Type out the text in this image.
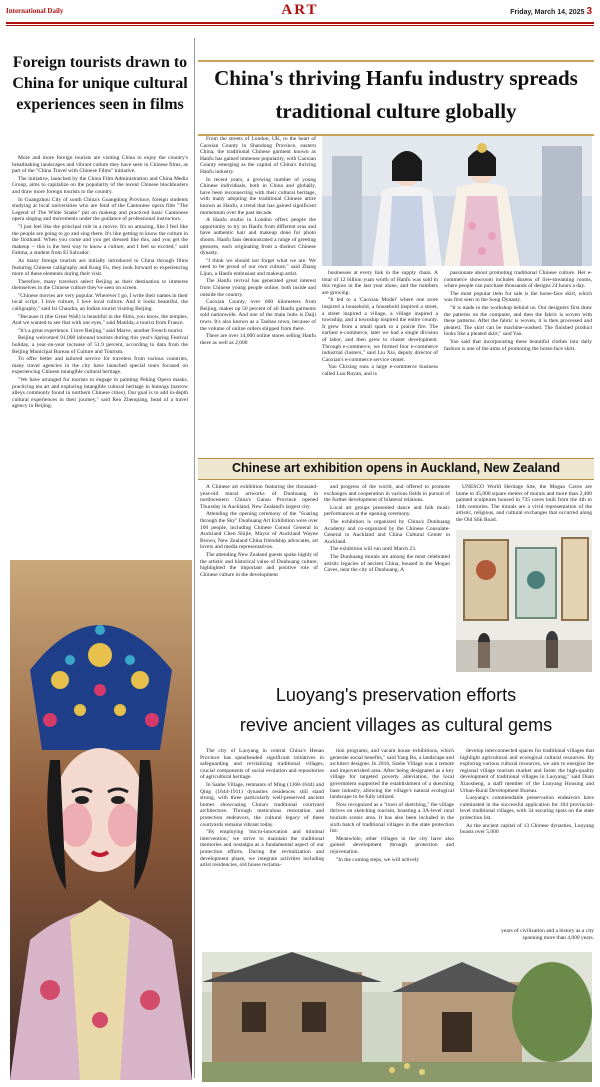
International Daily	ART	Friday, March 14, 2025 3
Foreign tourists drawn to China for unique cultural experiences seen in films

More and more foreign tourists are visiting China to enjoy the country's breathtaking landscapes and vibrant culture they have seen in Chinese films, as part of the "China Travel with Chinese Films" initiative.

The initiative, launched by the China Film Administration and China Media Group, aims to capitalize on the popularity of the recent Chinese blockbusters and draw more foreign tourists to the country.

In Guangzhou City of south China's Guangdong Province, foreign students studying at local universities who are fond of the Cantonese opera film "The Legend of The White Snake" put on makeup and practiced basic Cantonese opera singing and movements under the guidance of professional instructors.

"I just feel like the principal role in a movie. It's so amazing, like I feel like the people are going to go and sing there. It's like getting to know the culture in the firsthand. When you come and you get dressed like this, and you get the makeup -- this is the best way to know a culture, and I feel so excited," said Fatima, a student from El Salvador.

As many foreign tourists are initially introduced to China through films featuring Chinese calligraphy and Kung Fu, they look forward to experiencing more of these elements during their visit.

Therefore, many travelers select Beijing as their destination to immerse themselves in the Chinese culture they've seen on screen.

"Chinese movies are very popular. Wherever I go, I write their names in their local script. I love culture, I love local culture. And it looks beautiful, the calligraphy," said Isi Chandra, an Indian tourist visiting Beijing.

"Because it (the Great Wall) is beautiful in the films, you know, the temples. And we wanted to see that with our eyes," said Matilda, a tourist from France.

"It's a great experience. I love Beijing," said Marve, another French tourist.

Beijing welcomed 91,000 inbound tourists during this year's Spring Festival holiday, a year-on-year increase of 51.9 percent, according to data from the Beijing Municipal Bureau of Culture and Tourism.

To offer better and tailored service for travelers from various countries, many travel agencies in the city have launched special tours focused on experiencing Chinese intangible cultural heritage.

"We have arranged for tourists to engage in painting Peking Opera masks, practicing tea art and exploring intangible cultural heritage in hutongs (narrow alleys commonly found in northern Chinese cities). Our goal is to add in-depth cultural experiences in their journey," said Ren Zhenqiang, head of a travel agency in Beijing.

China's thriving Hanfu industry spreads traditional culture globally

From the streets of London, UK, to the heart of Caoxian County in Shandong Province, eastern China, the traditional Chinese garment known as Hanfu has gained immense popularity, with Caoxian County emerging as the capital of China's thriving Hanfu industry.

In recent years, a growing number of young Chinese individuals, both in China and globally, have been reconnecting with their cultural heritage, with many adopting the traditional Chinese attire known as Hanfu, a trend that has gained significant momentum over the past decade.

A Hanfu studio in London offers people the opportunity to try on Hanfu from different eras and have authentic hair and makeup done for photo shoots. Hanfu fans demonstrated a range of greeting gestures, each originating from a distinct Chinese dynasty.

"I think we should not forget what we are. We need to be proud of our own culture," said Zhang Lijun, a Hanfu enthusiast and makeup artist.

The Hanfu revival has generated great interest from Chinese young people online, both inside and outside the country.

Caoxian County, over 600 kilometers from Beijing, makes up 50 percent of all Hanfu garments sold nationwide. And one of the main hubs is Daiji town. It's also known as a Taobao town, because of the volume of online orders shipped from there.

There are over 14,000 online stores selling Hanfu there as well as 2,000

businesses at every link in the supply chain. A total of 12 billion yuan worth of Hanfu was sold in this region in the last year alone, and the numbers are growing.

"It led to a 'Caoxian Model' where one store inspired a household, a household inspired a street, a street inspired a village, a village inspired a township, and a township inspired the entire county. It grew from a small spark to a prairie fire. The earliest e-commerce, later we had a single division of labor, and then grew to cluster development. Through e-commerce, we formed four e-commerce industrial clusters," said Liu Xia, deputy director of Caoxian's e-commerce service center.

Yao Chixing runs a large e-commerce business called Luo Ruyan, and is

passionate about promoting traditional Chinese culture. Her e-commerce showroom includes dozens of live-streaming rooms, where people can purchase thousands of designs 24 hours a day.

The most popular item for sale is the horse-face skirt, which was first seen in the Song Dynasty.

"It is made in the workshop behind us. Our designers first draw the patterns on the computer, and then the fabric is woven with these patterns. After the fabric is woven, it is then processed and pleated. The skirt can be machine-washed. The finished product looks like a pleated skirt," said Yao.

Yao said that incorporating these beautiful clothes into daily fashion is one of the aims of promoting the horse-face skirt.

Chinese art exhibition opens in Auckland, New Zealand

A Chinese art exhibition featuring the thousand-year-old mural artworks of Dunhuang in northwestern China's Gansu Province opened Thursday in Auckland, New Zealand's largest city.

Attending the opening ceremony of the "Soaring through the Sky" Dunhuang Art Exhibition were over 100 people, including Chinese Consul General in Auckland Chen Shijie, Mayor of Auckland Wayne Brown, New Zealand China friendship advocates, art lovers and media representatives.

The attending New Zealand guests spoke highly of the artistic and historical value of Dunhuang culture, highlighted the important and positive role of Chinese culture in the development

and progress of the world, and offered to promote exchanges and cooperation in various fields in pursuit of the further development of bilateral relations.

Local art groups presented dance and folk music performances at the opening ceremony.

The exhibition is organized by China's Dunhuang Academy and co-organized by the Chinese Consulate-General in Auckland and China Cultural Center in Auckland.

The exhibition will run until March 23.

The Dunhuang murals are among the most celebrated artistic legacies of ancient China, housed in the Mogao Caves, near the city of Dunhuang. A

UNESCO World Heritage Site, the Mogao Caves are home to 45,000 square meters of murals and more than 2,400 painted sculptures housed in 735 caves built from the 4th to 14th centuries. The murals are a vivid representation of the artistic, religious, and cultural exchanges that occurred along the Old Silk Road.

Luoyang's preservation efforts
revive ancient villages as cultural gems

The city of Luoyang in central China's Henan Province has spearheaded significant initiatives in safeguarding and revitalizing traditional villages, crucial components of social evolution and repositories of agricultural heritage.

In Sanhe Village, remnants of Ming (1368-1644) and Qing (1644-1911) dynasties residences still stand strong, with three particularly well-preserved ancient homes showcasing China's traditional courtyard architecture. Through meticulous restoration and protection endeavors, the cultural legacy of these courtyards remains vibrant today.

"By employing 'micro-innovation and minimal intervention,' we strive to maintain the traditional memories and nostalgia as a fundamental aspect of our protection efforts. During the revitalization and development phase, we integrate activities including artist residencies, old house reclama-

tion programs, and vacant house exhibitions, which generate social benefits," said Yang Bo, a landscape and architect designer. In 2016, Sanhe Village was a remote and impoverished area. After being designated as a key village for targeted poverty alleviation, the local government supported the establishment of a sketching base industry, allowing the village's natural ecological landscape to be fully utilized.

Now recognized as a "town of sketching," the village thrives on sketching tourism, boasting a 3A-level rural tourism scenic area. It has also been included in the sixth batch of traditional villages in the state protection list.

Meanwhile, other villages in the city have also gained development through protection and rejuvenation.

"In the coming steps, we will actively

develop interconnected spaces for traditional villages that highlight agricultural and ecological cultural resources. By exploring various cultural resources, we aim to energize the regional village tourism market and foster the high-quality development of traditional villages in Luoyang," said Duan Xiaosheng, a staff member of the Luoyang Housing and Urban-Rural Development Bureau.

Luoyang's commendable preservation endeavors have culminated in the successful application for 104 provincial-level traditional villages, with 34 securing spots on the state protection list.

As the ancient capital of 13 Chinese dynasties, Luoyang boasts over 5,000

years of civilization and a history as a city spanning more than 4,000 years.
